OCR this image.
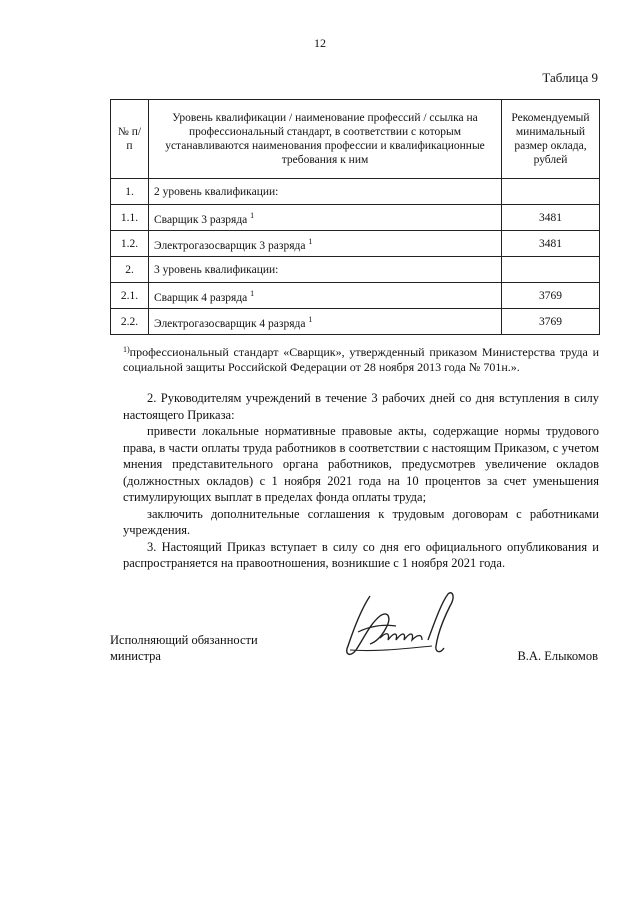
12
Таблица 9
№ п/п	Уровень квалификации / наименование профессий / ссылка на профессиональный стандарт, в соответствии с которым устанавливаются наименования профессии и квалификационные требования к ним	Рекомендуемый минимальный размер оклада, рублей
1.	2 уровень квалификации:	
1.1.	Сварщик 3 разряда $^1$	3481
1.2.	Электрогазосварщик 3 разряда $^1$	3481
2.	3 уровень квалификации:	
2.1.	Сварщик 4 разряда $^1$	3769
2.2.	Электрогазосварщик 4 разряда $^1$	3769
$^{1)}$профессиональный стандарт «Сварщик», утвержденный приказом Министерства труда и социальной защиты Российской Федерации от 28 ноября 2013 года № 701н.».

2. Руководителям учреждений в течение 3 рабочих дней со дня вступления в силу настоящего Приказа:

привести локальные нормативные правовые акты, содержащие нормы трудового права, в части оплаты труда работников в соответствии с настоящим Приказом, с учетом мнения представительного органа работников, предусмотрев увеличение окладов (должностных окладов) с 1 ноября 2021 года на 10 процентов за счет уменьшения стимулирующих выплат в пределах фонда оплаты труда;

заключить дополнительные соглашения к трудовым договорам с работниками учреждения.

3. Настоящий Приказ вступает в силу со дня его официального опубликования и распространяется на правоотношения, возникшие с 1 ноября 2021 года.

Исполняющий обязанности
министра	В.А. Елыкомов
